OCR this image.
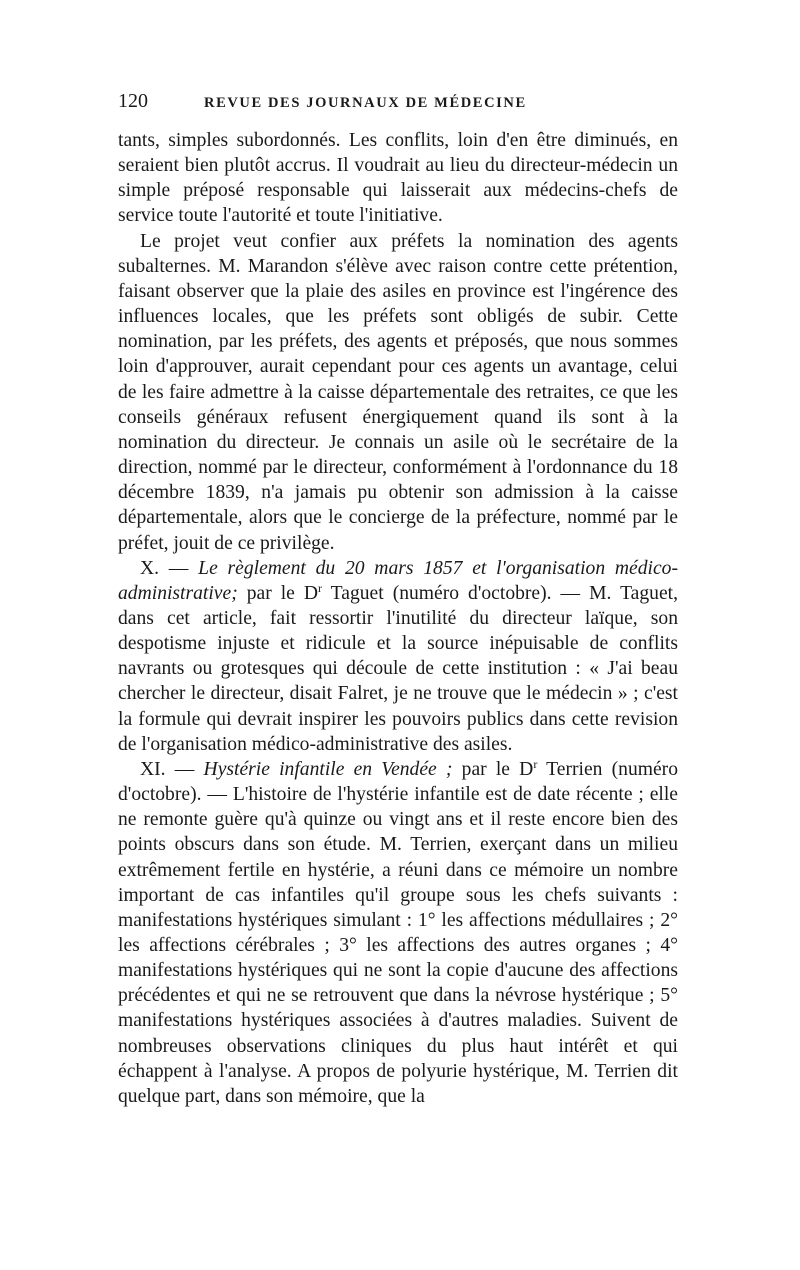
120	REVUE DES JOURNAUX DE MÉDECINE

tants, simples subordonnés. Les conflits, loin d'en être diminués, en seraient bien plutôt accrus. Il voudrait au lieu du directeur-médecin un simple préposé responsable qui laisserait aux médecins-chefs de service toute l'autorité et toute l'initiative.

Le projet veut confier aux préfets la nomination des agents subalternes. M. Marandon s'élève avec raison contre cette prétention, faisant observer que la plaie des asiles en province est l'ingérence des influences locales, que les préfets sont obligés de subir. Cette nomination, par les préfets, des agents et préposés, que nous sommes loin d'approuver, aurait cependant pour ces agents un avantage, celui de les faire admettre à la caisse départementale des retraites, ce que les conseils généraux refusent énergiquement quand ils sont à la nomination du directeur. Je connais un asile où le secrétaire de la direction, nommé par le directeur, conformément à l'ordonnance du 18 décembre 1839, n'a jamais pu obtenir son admission à la caisse départementale, alors que le concierge de la préfecture, nommé par le préfet, jouit de ce privilège.

X. — Le règlement du 20 mars 1857 et l'organisation médico-administrative; par le $D^r$ Taguet (numéro d'octobre). — M. Taguet, dans cet article, fait ressortir l'inutilité du directeur laïque, son despotisme injuste et ridicule et la source inépuisable de conflits navrants ou grotesques qui découle de cette institution : « J'ai beau chercher le directeur, disait Falret, je ne trouve que le médecin » ; c'est la formule qui devrait inspirer les pouvoirs publics dans cette revision de l'organisation médico-administrative des asiles.

XI. — Hystérie infantile en Vendée ; par le $D^r$ Terrien (numéro d'octobre). — L'histoire de l'hystérie infantile est de date récente ; elle ne remonte guère qu'à quinze ou vingt ans et il reste encore bien des points obscurs dans son étude. M. Terrien, exerçant dans un milieu extrêmement fertile en hystérie, a réuni dans ce mémoire un nombre important de cas infantiles qu'il groupe sous les chefs suivants : manifestations hystériques simulant : 1° les affections médullaires ; 2° les affections cérébrales ; 3° les affections des autres organes ; 4° manifestations hystériques qui ne sont la copie d'aucune des affections précédentes et qui ne se retrouvent que dans la névrose hystérique ; 5° manifestations hystériques associées à d'autres maladies. Suivent de nombreuses observations cliniques du plus haut intérêt et qui échappent à l'analyse. A propos de polyurie hystérique, M. Terrien dit quelque part, dans son mémoire, que la
